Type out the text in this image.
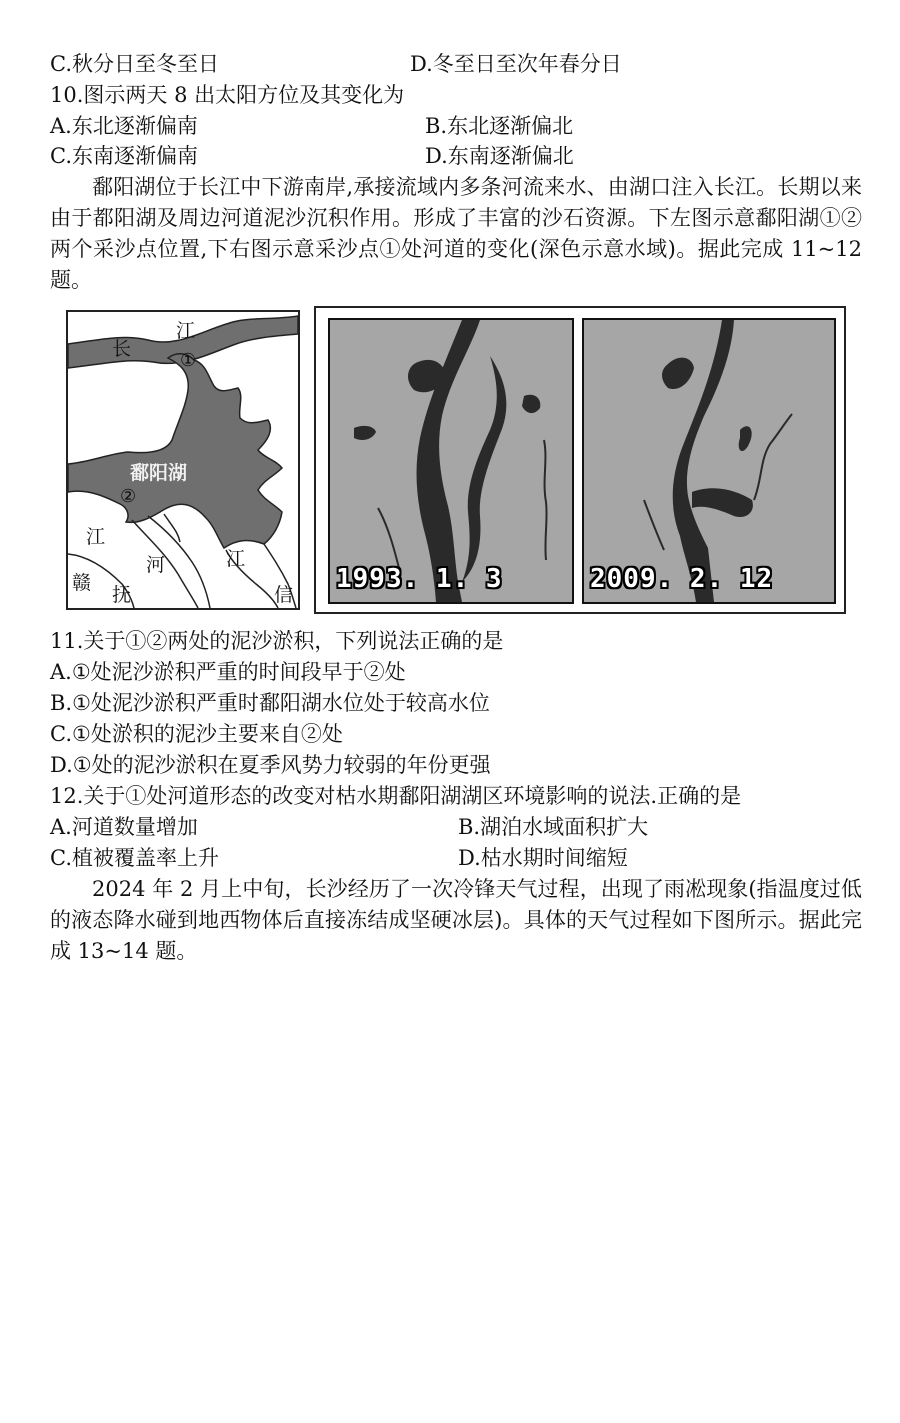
C.秋分日至冬至日	D.冬至日至次年春分日
10.图示两天 8 出太阳方位及其变化为
A.东北逐渐偏南	B.东北逐渐偏北
C.东南逐渐偏南	D.东南逐渐偏北
鄱阳湖位于长江中下游南岸,承接流域内多条河流来水、由湖口注入长江。长期以来由于都阳湖及周边河道泥沙沉积作用。形成了丰富的沙石资源。下左图示意鄱阳湖①②两个采沙点位置,下右图示意采沙点①处河道的变化(深色示意水域)。据此完成 11~12 题。
江
长
①
鄱阳湖
②
江
河	江
赣
抚	信
1993. 1. 3	2009. 2. 12
11.关于①②两处的泥沙淤积，下列说法正确的是
A.①处泥沙淤积严重的时间段早于②处
B.①处泥沙淤积严重时鄱阳湖水位处于较高水位
C.①处淤积的泥沙主要来自②处
D.①处的泥沙淤积在夏季风势力较弱的年份更强
12.关于①处河道形态的改变对枯水期鄱阳湖湖区环境影响的说法.正确的是
A.河道数量增加	B.湖泊水域面积扩大
C.植被覆盖率上升	D.枯水期时间缩短
2024 年 2 月上中旬，长沙经历了一次冷锋天气过程，出现了雨凇现象(指温度过低的液态降水碰到地西物体后直接冻结成坚硬冰层)。具体的天气过程如下图所示。据此完成 13~14 题。
